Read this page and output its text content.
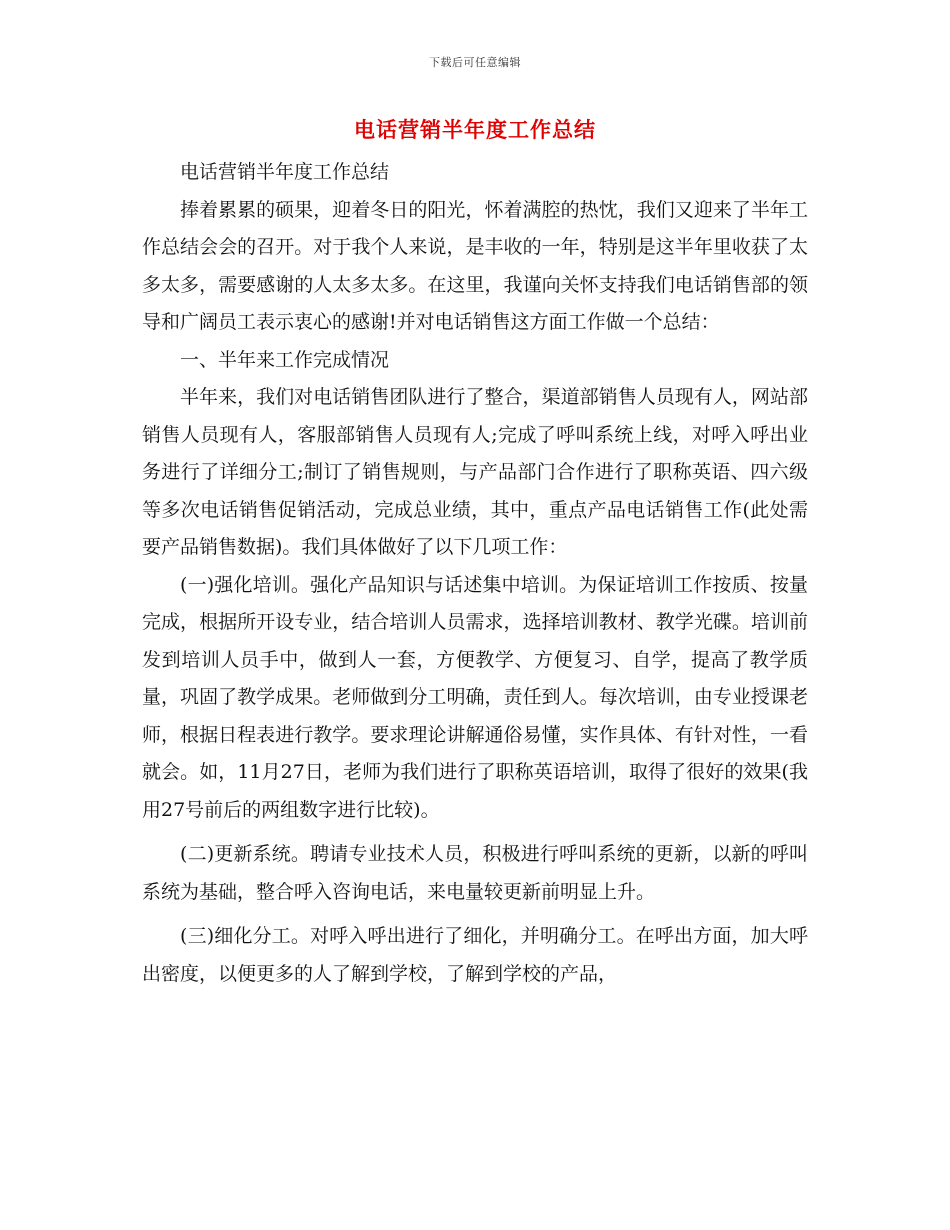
下载后可任意编辑
电话营销半年度工作总结

电话营销半年度工作总结

捧着累累的硕果，迎着冬日的阳光，怀着满腔的热忱，我们又迎来了半年工作总结会会的召开。对于我个人来说，是丰收的一年，特别是这半年里收获了太多太多，需要感谢的人太多太多。在这里，我谨向关怀支持我们电话销售部的领导和广阔员工表示衷心的感谢!并对电话销售这方面工作做一个总结：

一、半年来工作完成情况

半年来，我们对电话销售团队进行了整合，渠道部销售人员现有人，网站部销售人员现有人，客服部销售人员现有人;完成了呼叫系统上线，对呼入呼出业务进行了详细分工;制订了销售规则，与产品部门合作进行了职称英语、四六级等多次电话销售促销活动，完成总业绩，其中，重点产品电话销售工作(此处需要产品销售数据)。我们具体做好了以下几项工作：

(一)强化培训。强化产品知识与话述集中培训。为保证培训工作按质、按量完成，根据所开设专业，结合培训人员需求，选择培训教材、教学光碟。培训前发到培训人员手中，做到人一套，方便教学、方便复习、自学，提高了教学质量，巩固了教学成果。老师做到分工明确，责任到人。每次培训，由专业授课老师，根据日程表进行教学。要求理论讲解通俗易懂，实作具体、有针对性，一看就会。如，11月27日，老师为我们进行了职称英语培训，取得了很好的效果(我用27号前后的两组数字进行比较)。

(二)更新系统。聘请专业技术人员，积极进行呼叫系统的更新，以新的呼叫系统为基础，整合呼入咨询电话，来电量较更新前明显上升。

(三)细化分工。对呼入呼出进行了细化，并明确分工。在呼出方面，加大呼出密度，以便更多的人了解到学校，了解到学校的产品，
